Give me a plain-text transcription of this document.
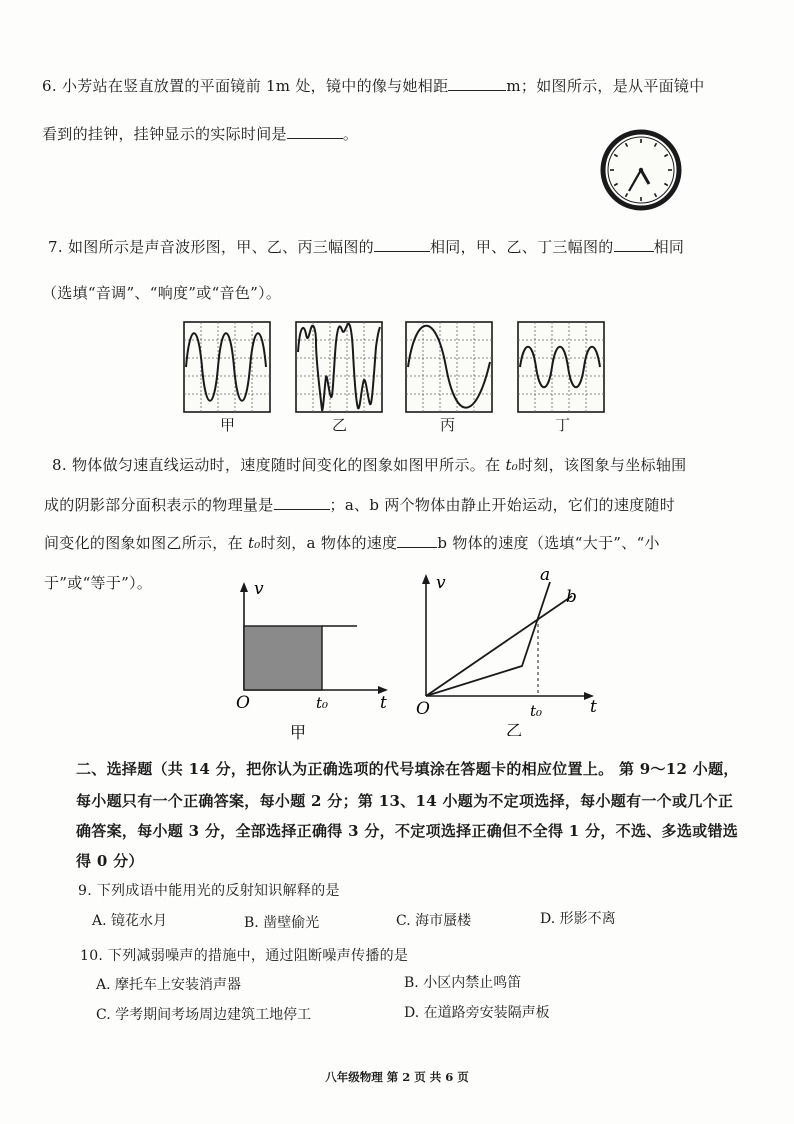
6. 小芳站在竖直放置的平面镜前 1m 处，镜中的像与她相距	m；如图所示，是从平面镜中
看到的挂钟，挂钟显示的实际时间是	。
7. 如图所示是声音波形图，甲、乙、丙三幅图的	相同，甲、乙、丁三幅图的	相同
（选填“音调”、“响度”或“音色”）。
甲	乙	丙	丁
8. 物体做匀速直线运动时，速度随时间变化的图象如图甲所示。在 t₀时刻，该图象与坐标轴围
成的阴影部分面积表示的物理量是	；a、b 两个物体由静止开始运动，它们的速度随时
间变化的图象如图乙所示，在 t₀时刻，a 物体的速度	b 物体的速度（选填“大于”、“小
于”或“等于”）。	v
O	t₀	t
甲
v	a
b
O	t₀	t
乙
二、选择题（共 14 分，把你认为正确选项的代号填涂在答题卡的相应位置上。 第 9～12 小题，
每小题只有一个正确答案，每小题 2 分；第 13、14 小题为不定项选择，每小题有一个或几个正
确答案，每小题 3 分，全部选择正确得 3 分，不定项选择正确但不全得 1 分，不选、多选或错选
得 0 分）
9. 下列成语中能用光的反射知识解释的是
A. 镜花水月	B. 凿壁偷光	C. 海市蜃楼	D. 形影不离
10. 下列减弱噪声的措施中，通过阻断噪声传播的是
A. 摩托车上安装消声器	B. 小区内禁止鸣笛
C. 学考期间考场周边建筑工地停工	D. 在道路旁安装隔声板
八年级物理 第 2 页 共 6 页
